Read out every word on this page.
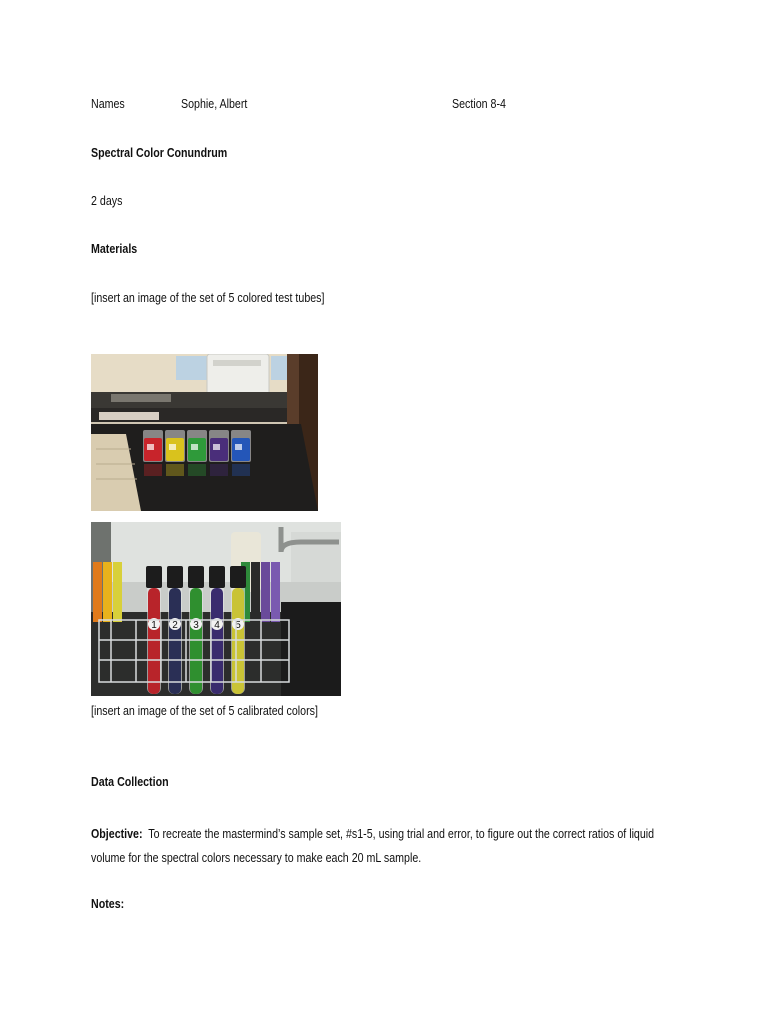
Names	Sophie, Albert	Section 8-4
Spectral Color Conundrum
2 days
Materials
[insert an image of the set of 5 colored test tubes]
1 2 3 4 5
[insert an image of the set of 5 calibrated colors]
Data Collection
Objective: To recreate the mastermind’s sample set, #s1-5, using trial and error, to figure out the correct ratios of liquid volume for the spectral colors necessary to make each 20 mL sample.
Notes:
